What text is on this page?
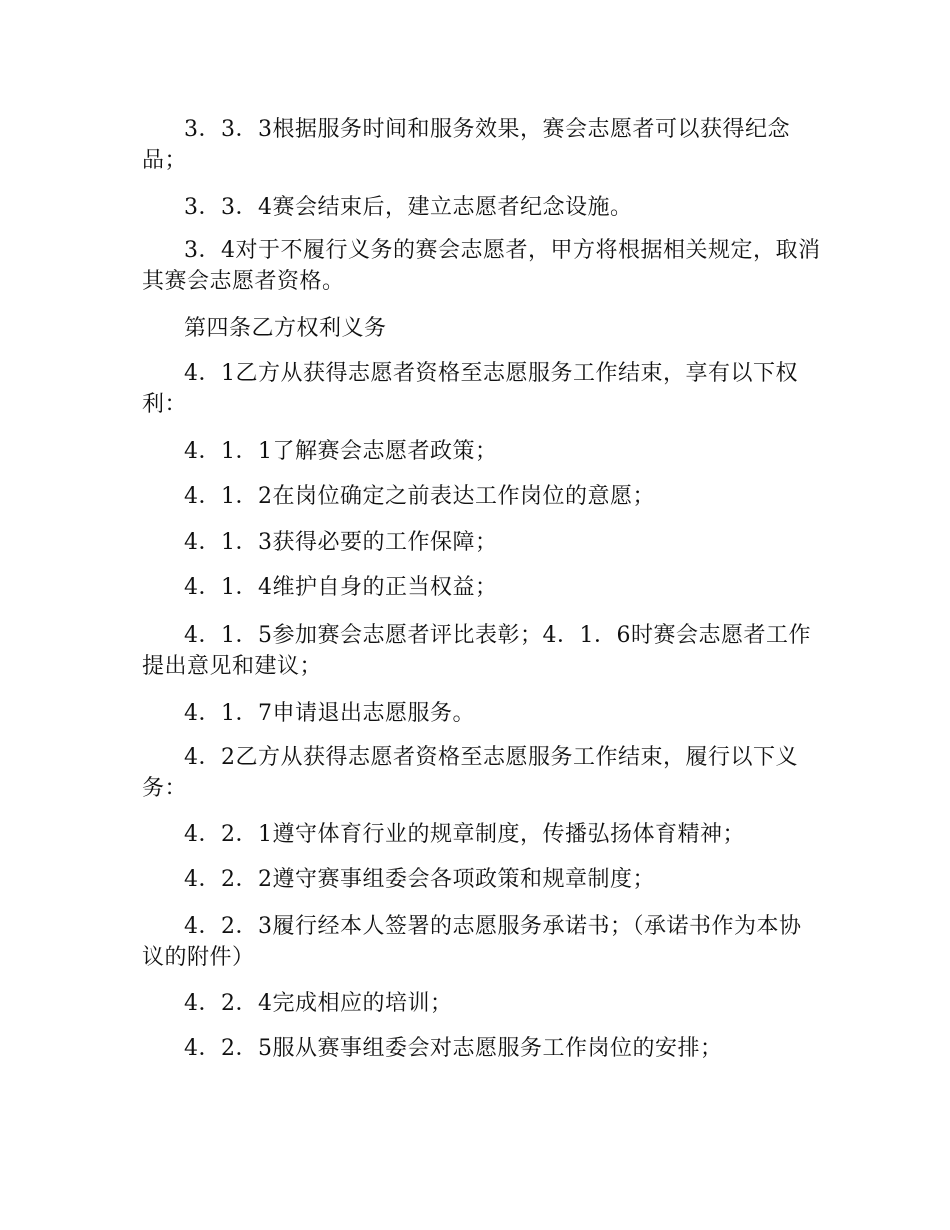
3．3．3根据服务时间和服务效果，赛会志愿者可以获得纪念品；

3．3．4赛会结束后，建立志愿者纪念设施。

3．4对于不履行义务的赛会志愿者，甲方将根据相关规定，取消其赛会志愿者资格。

第四条乙方权利义务

4．1乙方从获得志愿者资格至志愿服务工作结束，享有以下权利：

4．1．1了解赛会志愿者政策；

4．1．2在岗位确定之前表达工作岗位的意愿；

4．1．3获得必要的工作保障；

4．1．4维护自身的正当权益；

4．1．5参加赛会志愿者评比表彰；4．1．6时赛会志愿者工作提出意见和建议；

4．1．7申请退出志愿服务。

4．2乙方从获得志愿者资格至志愿服务工作结束，履行以下义务：

4．2．1遵守体育行业的规章制度，传播弘扬体育精神；

4．2．2遵守赛事组委会各项政策和规章制度；

4．2．3履行经本人签署的志愿服务承诺书；（承诺书作为本协议的附件）

4．2．4完成相应的培训；

4．2．5服从赛事组委会对志愿服务工作岗位的安排；
